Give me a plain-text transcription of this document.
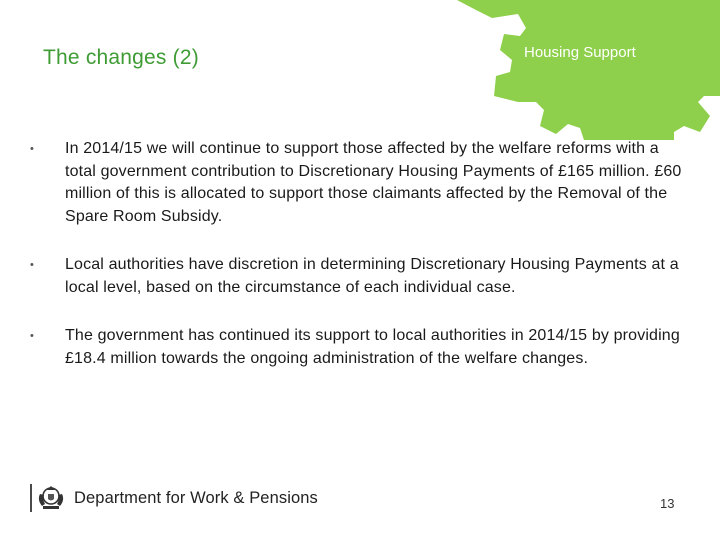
The changes (2)	Housing Support
• In 2014/15 we will continue to support those affected by the welfare reforms with a total government contribution to Discretionary Housing Payments of £165 million. £60 million of this is allocated to support those claimants affected by the Removal of the Spare Room Subsidy.
• Local authorities have discretion in determining Discretionary Housing Payments at a local level, based on the circumstance of each individual case.
• The government has continued its support to local authorities in 2014/15 by providing £18.4 million towards the ongoing administration of the welfare changes.
Department for Work & Pensions	13
